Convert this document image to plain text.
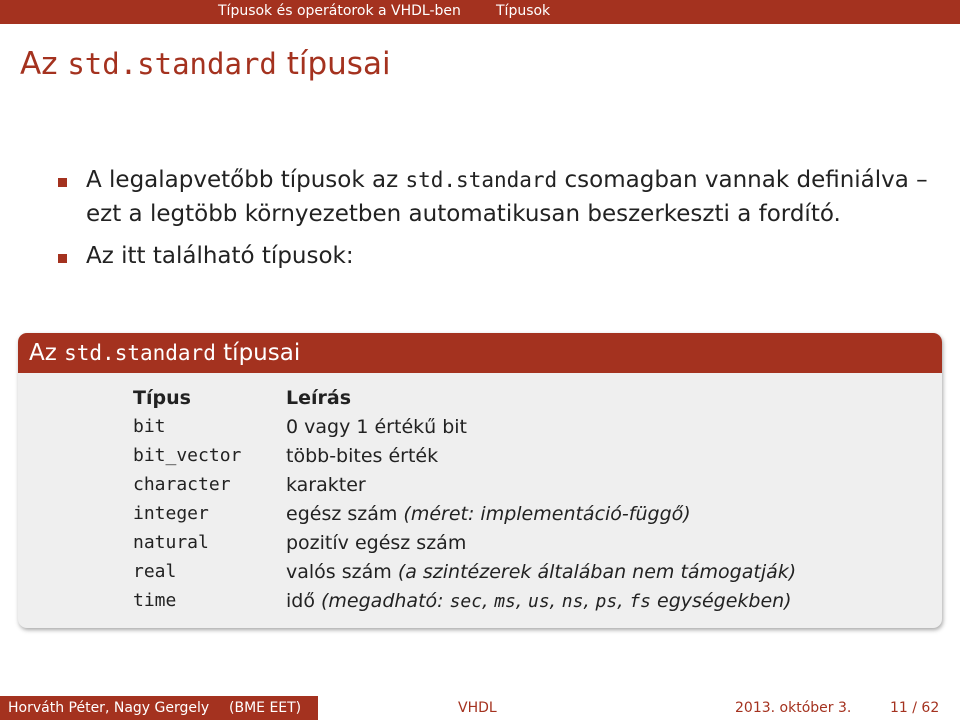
Típusok és operátorok a VHDL-ben	Típusok
Az std.standard típusai
A legalapvetőbb típusok az std.standard csomagban vannak definiálva – ezt a legtöbb környezetben automatikusan beszerkeszti a fordító.
Az itt található típusok:
Az std.standard típusai
Típus	Leírás
bit	0 vagy 1 értékű bit
bit_vector	több-bites érték
character	karakter
integer	egész szám (méret: implementáció-függő)
natural	pozitív egész szám
real	valós szám (a szintézerek általában nem támogatják)
time	idő (megadható: sec, ms, us, ns, ps, fs egységekben)
Horváth Péter, Nagy Gergely (BME EET)	VHDL	2013. október 3.	11 / 62
